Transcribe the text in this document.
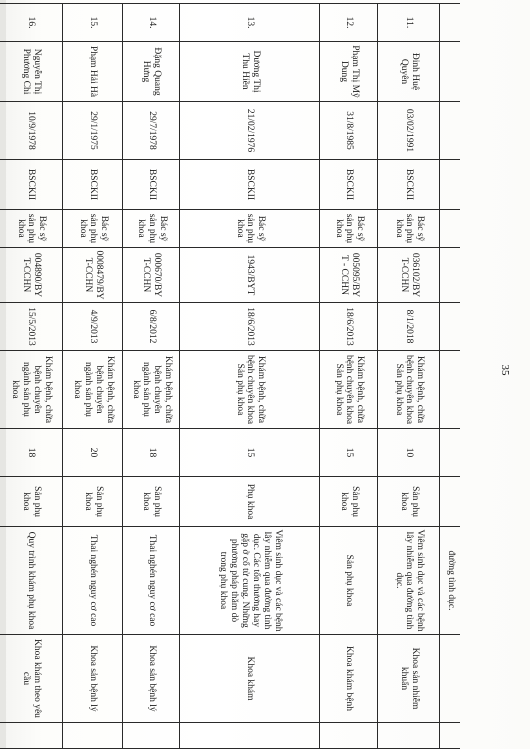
										đường tình dục.		
11.	Đinh Huệ Quyên	03/02/1991	BSCKII	Bác sỹ sản phụ khoa	036102/BYT-CCHN	8/1/2018	Khám bệnh, chữa bệnh chuyên khoa Sản phụ khoa	10	Sản phụ khoa	Viêm sinh dục và các bệnh lây nhiễm qua đường tình dục.	Khoa sản nhiễm khuẩn	
12.	Phạm Thị Mỹ Dung	31/8/1985	BSCKII	Bác sỹ sản phụ khoa	005095/BYT - CCHN	18/6/2013	Khám bệnh, chữa bệnh chuyên khoa Sản phụ khoa	15	Sản phụ khoa	Sản phụ khoa	Khoa khám bệnh	
13.	Dương Thị Thu Hiền	21/02/1976	BSCKII	Bác sỹ sản phụ khoa	1943/BYT	18/6/2013	Khám bệnh, chữa bệnh chuyên khoa Sản phụ khoa	15	Phụ khoa	Viêm sinh dục và các bệnh lây nhiễm qua đường tình dục. Các tổn thương hay gặp ở cổ tử cung. Những phương pháp thăm dò trong phụ khoa	Khoa khám	
14.	Đặng Quang Hưng	29/7/1978	BSCKII	Bác sỹ sản phụ khoa	000670/BYT-CCHN	6/8/2012	Khám bệnh, chữa bệnh chuyên ngành sản phụ khoa	18	Sản phụ khoa	Thai nghén nguy cơ cao	Khoa sản bệnh lý	
15.	Phạm Hải Hà	29/1/1975	BSCKII	Bác sỹ sản phụ khoa	0008479/BYT-CCHN	4/9/2013	Khám bệnh, chữa bệnh chuyên ngành sản phụ khoa	20	Sản phụ khoa	Thai nghén nguy cơ cao	Khoa sản bệnh lý	
16.	Nguyễn Thị Phương Chi	10/9/1978	BSCKII	Bác sỹ sản phụ khoa	004890/BYT-CCHN	15/5/2013	Khám bệnh, chữa bệnh chuyên ngành sản phụ khoa	18	Sản phụ khoa	Quy trình khám phụ khoa	Khoa khám theo yêu cầu	
35
